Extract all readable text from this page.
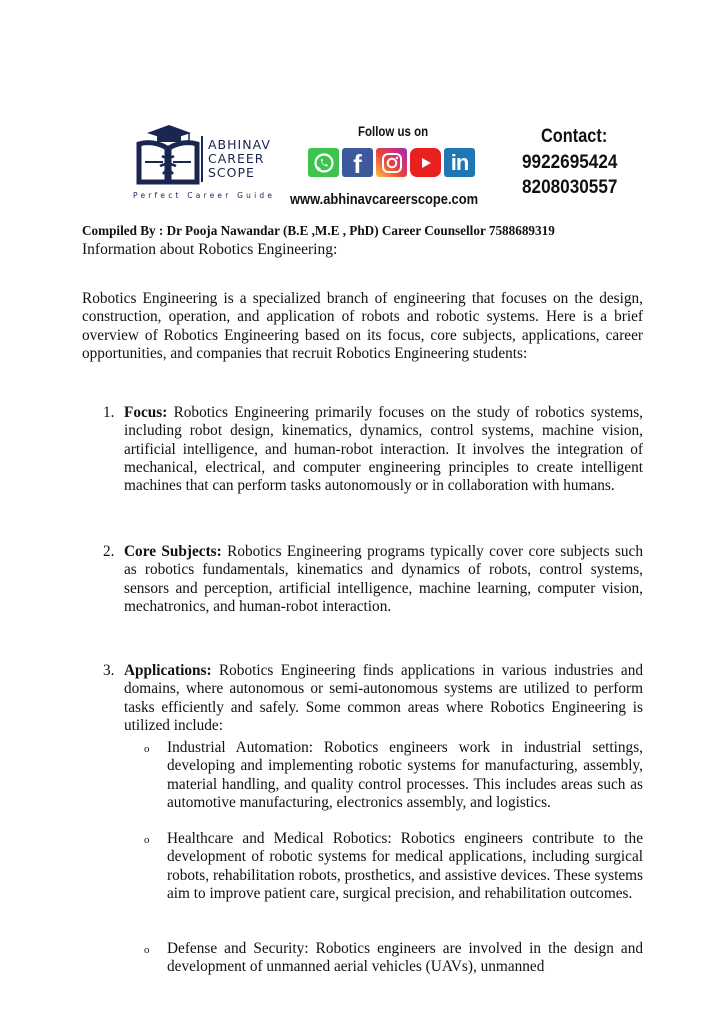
ABHINAV
CAREER
SCOPE
Perfect Career Guide
Follow us on
f	in
www.abhinavcareerscope.com
Contact:
9922695424
8208030557
Compiled By : Dr Pooja Nawandar (B.E ,M.E , PhD) Career Counsellor 7588689319
Information about Robotics Engineering:
Robotics Engineering is a specialized branch of engineering that focuses on the design, construction, operation, and application of robots and robotic systems. Here is a brief overview of Robotics Engineering based on its focus, core subjects, applications, career opportunities, and companies that recruit Robotics Engineering students:
1. Focus: Robotics Engineering primarily focuses on the study of robotics systems, including robot design, kinematics, dynamics, control systems, machine vision, artificial intelligence, and human-robot interaction. It involves the integration of mechanical, electrical, and computer engineering principles to create intelligent machines that can perform tasks autonomously or in collaboration with humans.
2. Core Subjects: Robotics Engineering programs typically cover core subjects such as robotics fundamentals, kinematics and dynamics of robots, control systems, sensors and perception, artificial intelligence, machine learning, computer vision, mechatronics, and human-robot interaction.
3. Applications: Robotics Engineering finds applications in various industries and domains, where autonomous or semi-autonomous systems are utilized to perform tasks efficiently and safely. Some common areas where Robotics Engineering is utilized include:
o Industrial Automation: Robotics engineers work in industrial settings, developing and implementing robotic systems for manufacturing, assembly, material handling, and quality control processes. This includes areas such as automotive manufacturing, electronics assembly, and logistics.
o Healthcare and Medical Robotics: Robotics engineers contribute to the development of robotic systems for medical applications, including surgical robots, rehabilitation robots, prosthetics, and assistive devices. These systems aim to improve patient care, surgical precision, and rehabilitation outcomes.
o Defense and Security: Robotics engineers are involved in the design and development of unmanned aerial vehicles (UAVs), unmanned
